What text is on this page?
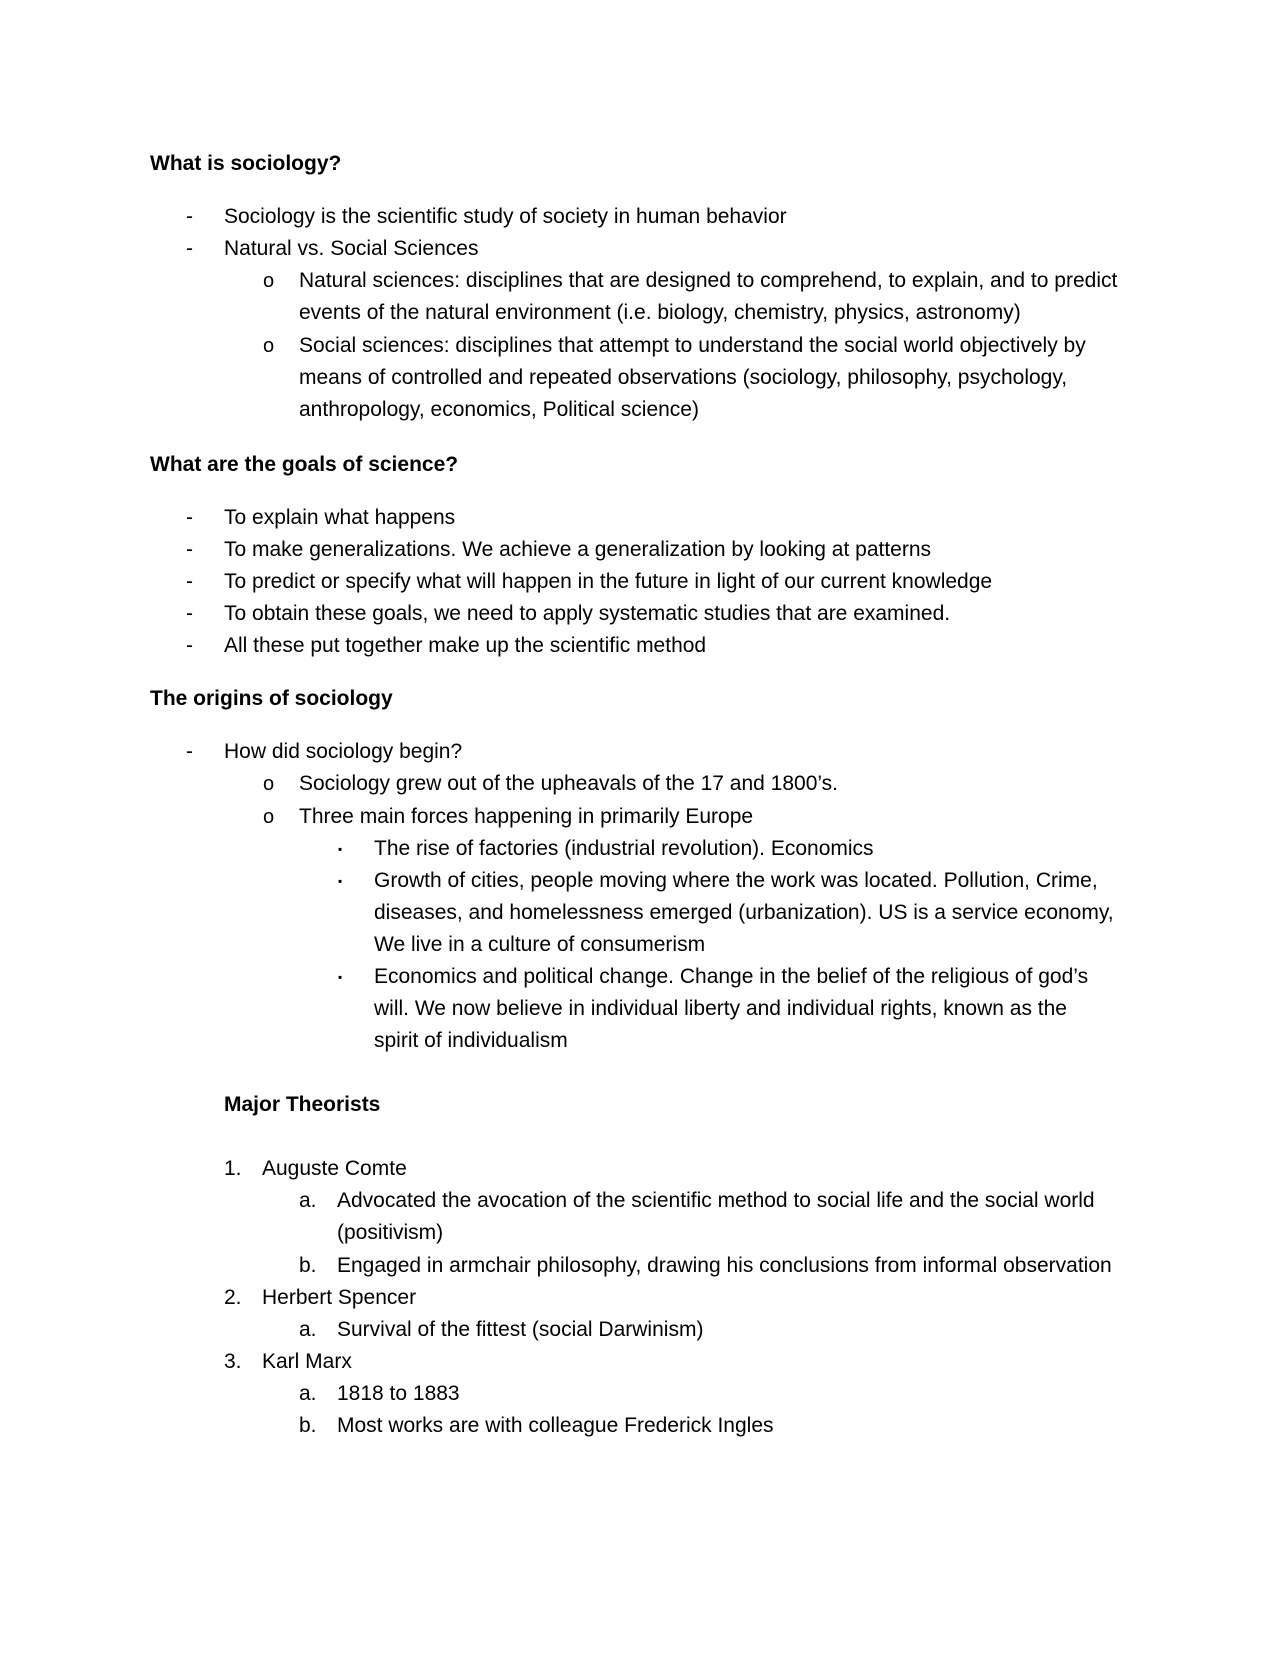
What is sociology?
- Sociology is the scientific study of society in human behavior
- Natural vs. Social Sciences
o Natural sciences: disciplines that are designed to comprehend, to explain, and to predict
events of the natural environment (i.e. biology, chemistry, physics, astronomy)
o Social sciences: disciplines that attempt to understand the social world objectively by
means of controlled and repeated observations (sociology, philosophy, psychology,
anthropology, economics, Political science)
What are the goals of science?
- To explain what happens
- To make generalizations. We achieve a generalization by looking at patterns
- To predict or specify what will happen in the future in light of our current knowledge
- To obtain these goals, we need to apply systematic studies that are examined.
- All these put together make up the scientific method
The origins of sociology
- How did sociology begin?
o Sociology grew out of the upheavals of the 17 and 1800’s.
o Three main forces happening in primarily Europe
▪ The rise of factories (industrial revolution). Economics
▪ Growth of cities, people moving where the work was located. Pollution, Crime,
diseases, and homelessness emerged (urbanization). US is a service economy,
We live in a culture of consumerism
▪ Economics and political change. Change in the belief of the religious of god’s
will. We now believe in individual liberty and individual rights, known as the
spirit of individualism
Major Theorists
1. Auguste Comte
a. Advocated the avocation of the scientific method to social life and the social world
(positivism)
b. Engaged in armchair philosophy, drawing his conclusions from informal observation
2. Herbert Spencer
a. Survival of the fittest (social Darwinism)
3. Karl Marx
a. 1818 to 1883
b. Most works are with colleague Frederick Ingles
